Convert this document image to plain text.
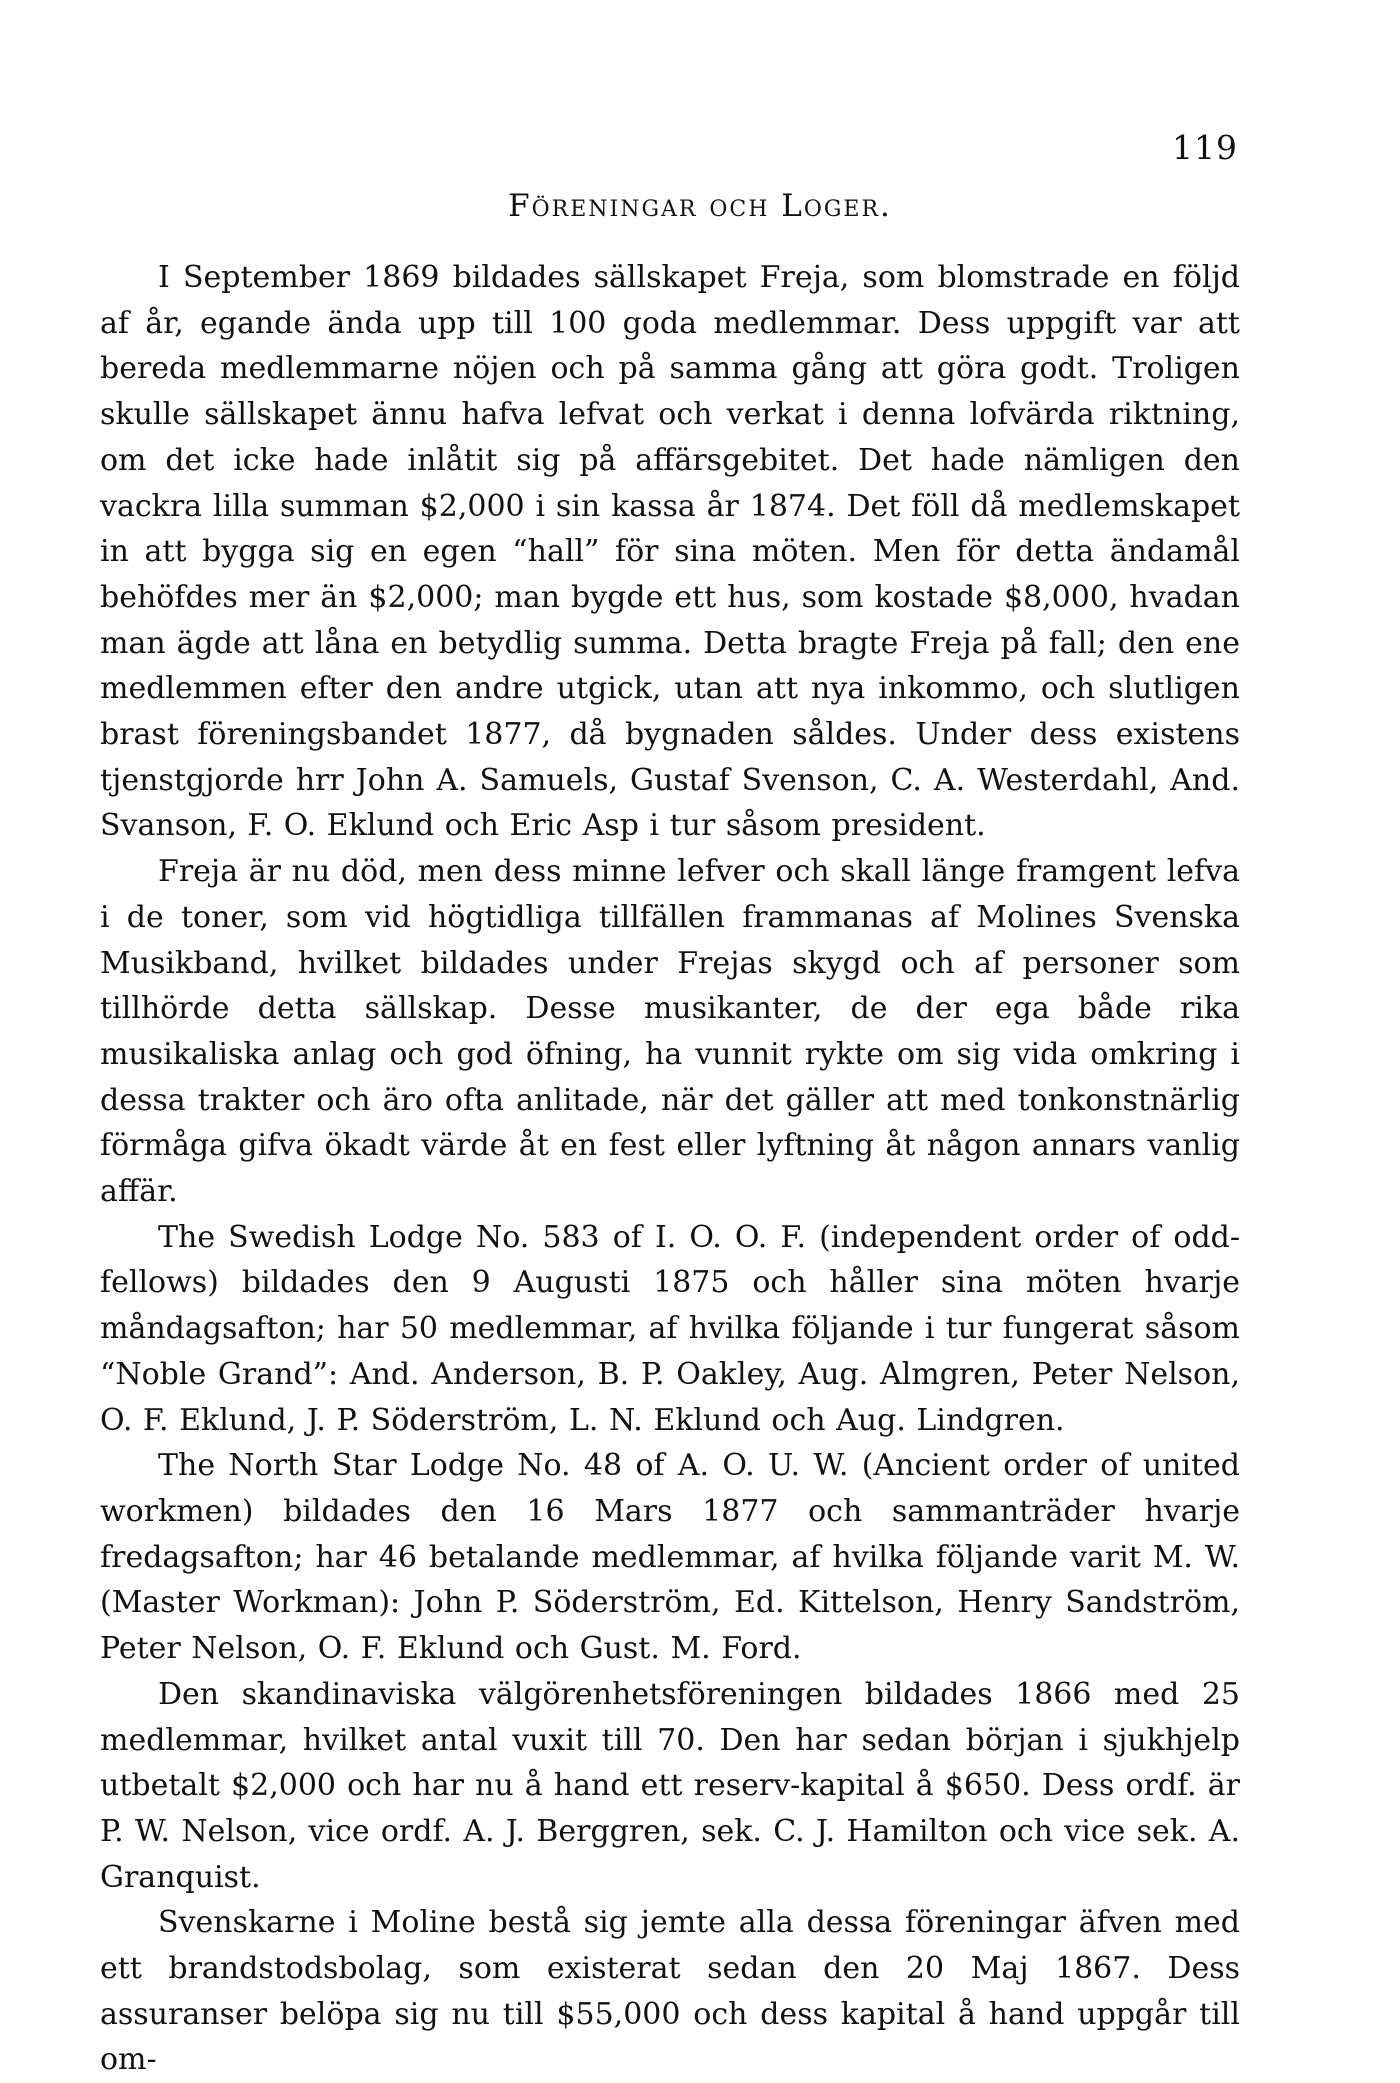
119

Föreningar och Loger.

I September 1869 bildades sällskapet Freja, som blomstrade en följd af år, egande ända upp till 100 goda medlemmar. Dess uppgift var att bereda medlemmarne nöjen och på samma gång att göra godt. Troligen skulle sällskapet ännu hafva lefvat och verkat i denna lofvärda riktning, om det icke hade inlåtit sig på affärsgebitet. Det hade nämligen den vackra lilla summan $2,000 i sin kassa år 1874. Det föll då medlemskapet in att bygga sig en egen “hall” för sina möten. Men för detta ändamål behöfdes mer än $2,000; man bygde ett hus, som kostade $8,000, hvadan man ägde att låna en betydlig summa. Detta bragte Freja på fall; den ene medlemmen efter den andre utgick, utan att nya inkommo, och slutligen brast föreningsbandet 1877, då bygnaden såldes. Under dess existens tjenstgjorde hrr John A. Samuels, Gustaf Svenson, C. A. Westerdahl, And. Svanson, F. O. Eklund och Eric Asp i tur såsom president.

Freja är nu död, men dess minne lefver och skall länge framgent lefva i de toner, som vid högtidliga tillfällen frammanas af Molines Svenska Musikband, hvilket bildades under Frejas skygd och af personer som tillhörde detta sällskap. Desse musikanter, de der ega både rika musikaliska anlag och god öfning, ha vunnit rykte om sig vida omkring i dessa trakter och äro ofta anlitade, när det gäller att med tonkonstnärlig förmåga gifva ökadt värde åt en fest eller lyftning åt någon annars vanlig affär.

The Swedish Lodge No. 583 of I. O. O. F. (independent order of odd-fellows) bildades den 9 Augusti 1875 och håller sina möten hvarje måndagsafton; har 50 medlemmar, af hvilka följande i tur fungerat såsom “Noble Grand”: And. Anderson, B. P. Oakley, Aug. Almgren, Peter Nelson, O. F. Eklund, J. P. Söderström, L. N. Eklund och Aug. Lindgren.

The North Star Lodge No. 48 of A. O. U. W. (Ancient order of united workmen) bildades den 16 Mars 1877 och sammanträder hvarje fredagsafton; har 46 betalande medlemmar, af hvilka följande varit M. W. (Master Workman): John P. Söderström, Ed. Kittelson, Henry Sandström, Peter Nelson, O. F. Eklund och Gust. M. Ford.

Den skandinaviska välgörenhetsföreningen bildades 1866 med 25 medlemmar, hvilket antal vuxit till 70. Den har sedan början i sjukhjelp utbetalt $2,000 och har nu å hand ett reserv-kapital å $650. Dess ordf. är P. W. Nelson, vice ordf. A. J. Berggren, sek. C. J. Hamilton och vice sek. A. Granquist.

Svenskarne i Moline bestå sig jemte alla dessa föreningar äfven med ett brandstodsbolag, som existerat sedan den 20 Maj 1867. Dess assuranser belöpa sig nu till $55,000 och dess kapital å hand uppgår till om-
